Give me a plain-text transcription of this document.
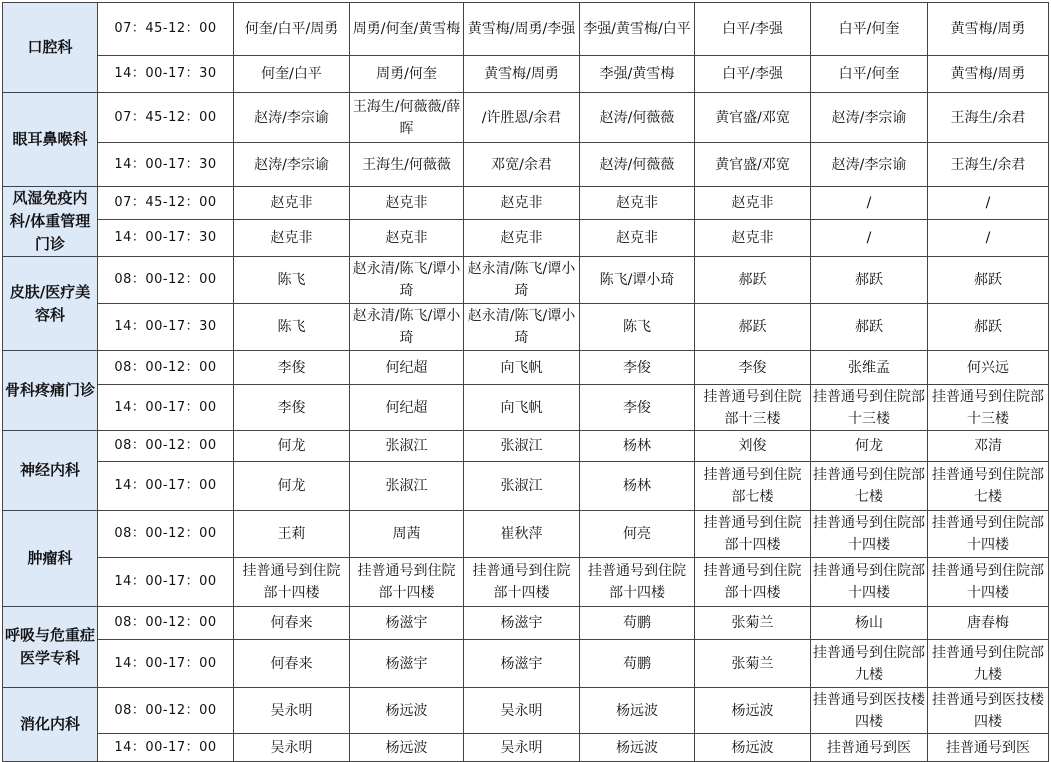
口腔科	07：45-12：00	何奎/白平/周勇	周勇/何奎/黄雪梅	黄雪梅/周勇/李强	李强/黄雪梅/白平	白平/李强	白平/何奎	黄雪梅/周勇
	14：00-17：30	何奎/白平	周勇/何奎	黄雪梅/周勇	李强/黄雪梅	白平/李强	白平/何奎	黄雪梅/周勇
眼耳鼻喉科	07：45-12：00	赵涛/李宗谕	王海生/何薇薇/薛晖	/许胜恩/余君	赵涛/何薇薇	黄官盛/邓宽	赵涛/李宗谕	王海生/余君
	14：00-17：30	赵涛/李宗谕	王海生/何薇薇	邓宽/余君	赵涛/何薇薇	黄官盛/邓宽	赵涛/李宗谕	王海生/余君
风湿免疫内科/体重管理门诊	07：45-12：00	赵克非	赵克非	赵克非	赵克非	赵克非	/	/
	14：00-17：30	赵克非	赵克非	赵克非	赵克非	赵克非	/	/
皮肤/医疗美容科	08：00-12：00	陈飞	赵永清/陈飞/谭小琦	赵永清/陈飞/谭小琦	陈飞/谭小琦	郝跃	郝跃	郝跃
	14：00-17：30	陈飞	赵永清/陈飞/谭小琦	赵永清/陈飞/谭小琦	陈飞	郝跃	郝跃	郝跃
骨科疼痛门诊	08：00-12：00	李俊	何纪超	向飞帆	李俊	李俊	张维孟	何兴远
	14：00-17：00	李俊	何纪超	向飞帆	李俊	挂普通号到住院部十三楼	挂普通号到住院部十三楼	挂普通号到住院部十三楼
神经内科	08：00-12：00	何龙	张淑江	张淑江	杨林	刘俊	何龙	邓清
	14：00-17：00	何龙	张淑江	张淑江	杨林	挂普通号到住院部七楼	挂普通号到住院部七楼	挂普通号到住院部七楼
肿瘤科	08：00-12：00	王莉	周茜	崔秋萍	何亮	挂普通号到住院部十四楼	挂普通号到住院部十四楼	挂普通号到住院部十四楼
	14：00-17：00	挂普通号到住院部十四楼	挂普通号到住院部十四楼	挂普通号到住院部十四楼	挂普通号到住院部十四楼	挂普通号到住院部十四楼	挂普通号到住院部十四楼	挂普通号到住院部十四楼
呼吸与危重症医学专科	08：00-12：00	何春来	杨滋宇	杨滋宇	苟鹏	张菊兰	杨山	唐春梅
	14：00-17：00	何春来	杨滋宇	杨滋宇	苟鹏	张菊兰	挂普通号到住院部九楼	挂普通号到住院部九楼
消化内科	08：00-12：00	吴永明	杨远波	吴永明	杨远波	杨远波	挂普通号到医技楼四楼	挂普通号到医技楼四楼
	14：00-17：00	吴永明	杨远波	吴永明	杨远波	杨远波	挂普通号到医	挂普通号到医
